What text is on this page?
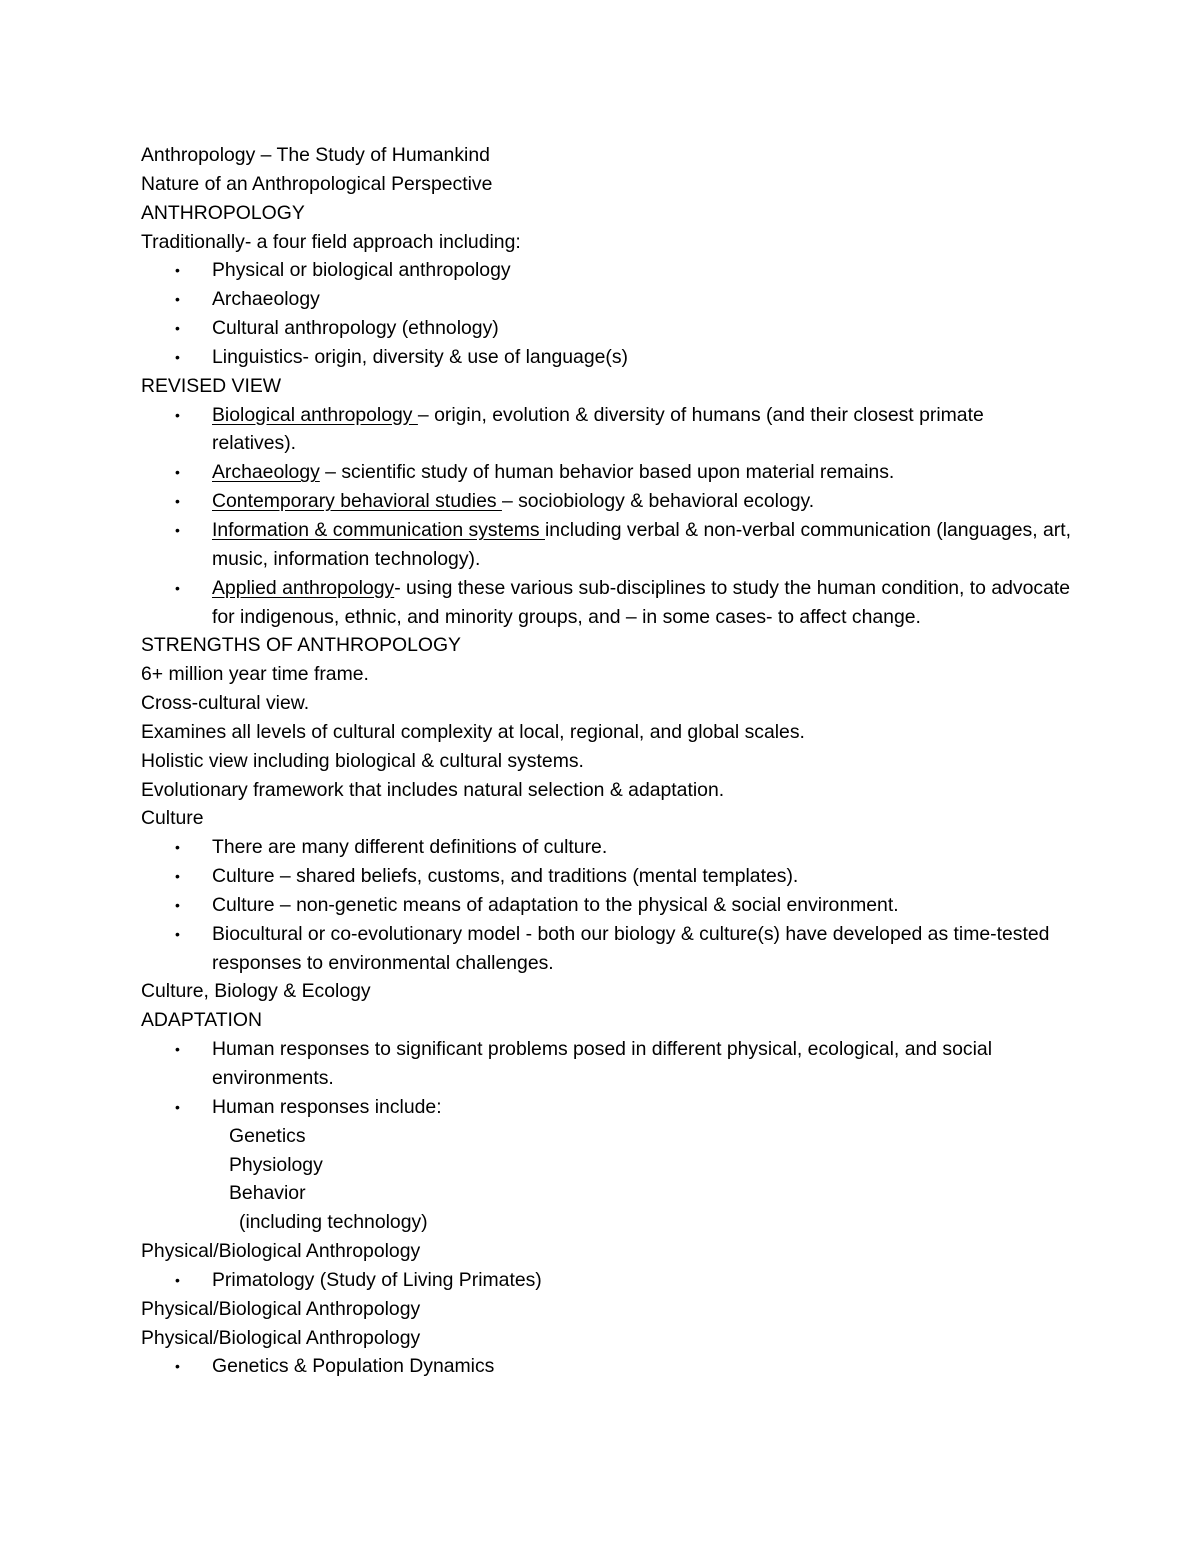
Anthropology – The Study of Humankind

Nature of an Anthropological Perspective

ANTHROPOLOGY

Traditionally- a four field approach including:

• Physical or biological anthropology
• Archaeology
• Cultural anthropology (ethnology)
• Linguistics- origin, diversity & use of language(s)

REVISED VIEW

• Biological anthropology – origin, evolution & diversity of humans (and their closest primate relatives).
• Archaeology – scientific study of human behavior based upon material remains.
• Contemporary behavioral studies – sociobiology & behavioral ecology.
• Information & communication systems including verbal & non-verbal communication (languages, art, music, information technology).
• Applied anthropology- using these various sub-disciplines to study the human condition, to advocate for indigenous, ethnic, and minority groups, and – in some cases- to affect change.

STRENGTHS OF ANTHROPOLOGY

6+ million year time frame.

Cross-cultural view.

Examines all levels of cultural complexity at local, regional, and global scales.

Holistic view including biological & cultural systems.

Evolutionary framework that includes natural selection & adaptation.

Culture

• There are many different definitions of culture.
• Culture – shared beliefs, customs, and traditions (mental templates).
• Culture – non-genetic means of adaptation to the physical & social environment.
• Biocultural or co-evolutionary model - both our biology & culture(s) have developed as time-tested responses to environmental challenges.

Culture, Biology & Ecology

ADAPTATION

• Human responses to significant problems posed in different physical, ecological, and social environments.
• Human responses include:

Genetics

Physiology

Behavior

(including technology)

Physical/Biological Anthropology

• Primatology (Study of Living Primates)

Physical/Biological Anthropology

Physical/Biological Anthropology

• Genetics & Population Dynamics
